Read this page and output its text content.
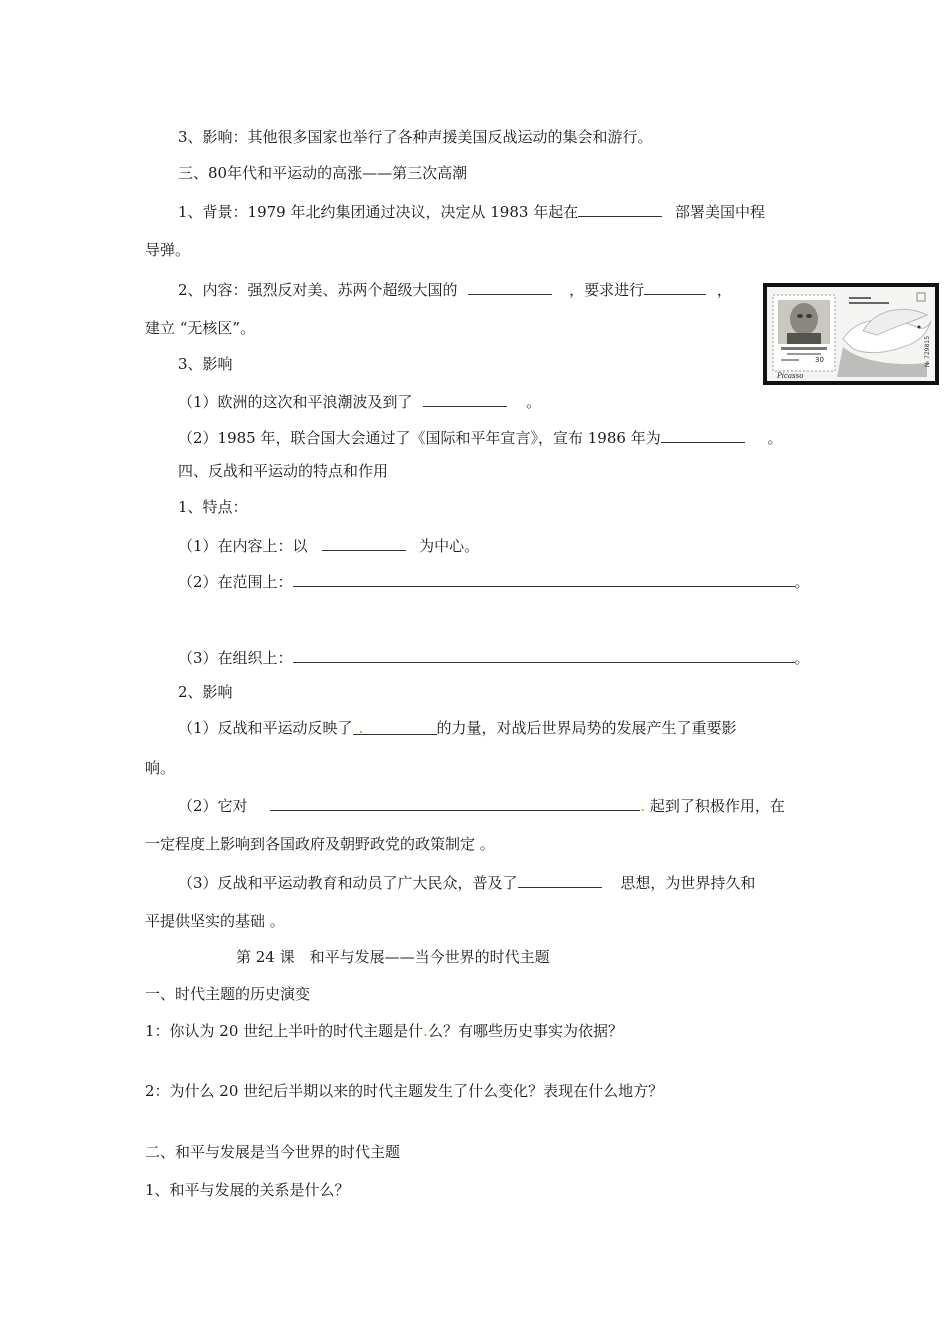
3、影响：其他很多国家也举行了各种声援美国反战运动的集会和游行。
三、80年代和平运动的高涨——第三次高潮
1、背景：1979 年北约集团通过决议，决定从 1983 年起在	部署美国中程
导弹。
2、内容：强烈反对美、苏两个超级大国的	，要求进行	，
建立 “无核区”。
3、影响
（1）欧洲的这次和平浪潮波及到了	。
（2）1985 年，联合国大会通过了《国际和平年宣言》，宣布 1986 年为	。
四、反战和平运动的特点和作用
1、特点：
（1）在内容上：以	为中心。
（2）在范围上：	。
（3）在组织上：	。
2、影响
（1）反战和平运动反映了 .	的力量，对战后世界局势的发展产生了重要影
响。
（2）它对	. 起到了积极作用，在
一定程度上影响到各国政府及朝野政党的政策制定 。
（3）反战和平运动教育和动员了广大民众，普及了	思想，为世界持久和
平提供坚实的基础 。
第 24 课　和平与发展——当今世界的时代主题
一、时代主题的历史演变
1：你认为 20 世纪上半叶的时代主题是什.么？有哪些历史事实为依据？
2：为什么 20 世纪后半期以来的时代主题发生了什么变化？表现在什么地方？
二、和平与发展是当今世界的时代主题
1、和平与发展的关系是什么？
30
Picasso
№ 729815
